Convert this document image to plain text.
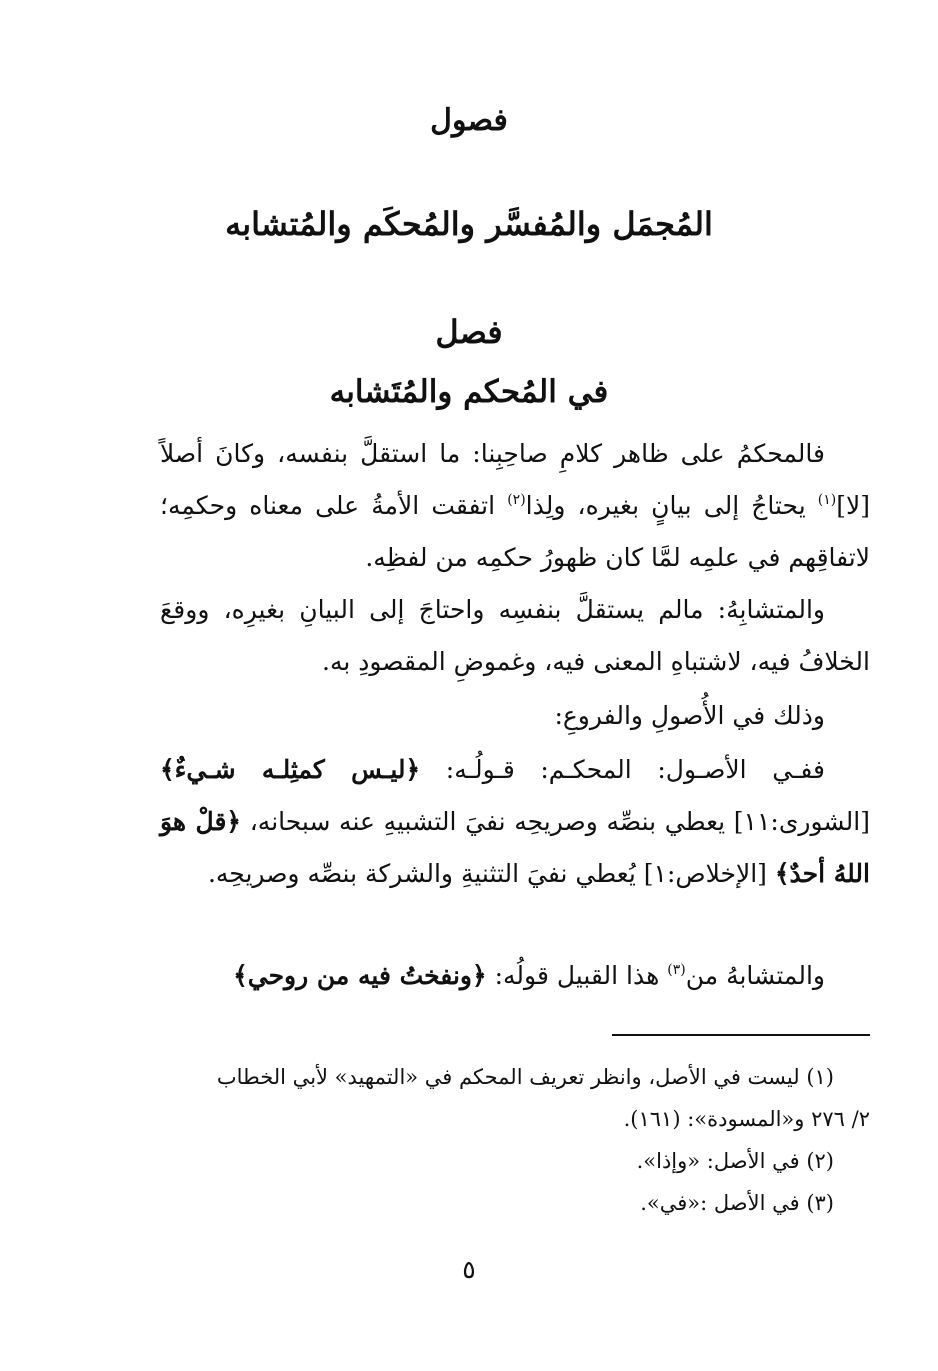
فصول
المُجمَل والمُفسَّر والمُحكَم والمُتشابه
فصل
في المُحكم والمُتَشابه

فالمحكمُ على ظاهر كلامِ صاحِبِنا: ما استقلَّ بنفسه، وكانَ أصلاً [لا]$^{(١)}$ يحتاجُ إلى بيانٍ بغيره، ولِذا$^{(٢)}$ اتفقت الأمةُ على معناه وحكمِه؛ لاتفاقِهم في علمِه لمَّا كان ظهورُ حكمِه من لفظِه.

والمتشابِهُ: مالم يستقلَّ بنفسِه واحتاجَ إلى البيانِ بغيرِه، ووقعَ الخلافُ فيه، لاشتباهِ المعنى فيه، وغموضِ المقصودِ به.

وذلك في الأُصولِ والفروعِ:

ففـي الأصـول: المحكـم: قـولُـه: ﴿ليـس كمثِلـه شـيءٌ﴾ [الشورى:١١] يعطي بنصِّه وصريحِه نفيَ التشبيهِ عنه سبحانه، ﴿قلْ هوَ اللهُ أحدٌ﴾ [الإخلاص:١] يُعطي نفيَ التثنيةِ والشركة بنصِّه وصريحِه.

والمتشابهُ من$^{(٣)}$ هذا القبيل قولُه: ﴿ونفختُ فيه من روحي﴾

(١) ليست في الأصل، وانظر تعريف المحكم في «التمهيد» لأبي الخطاب

٢/ ٢٧٦ و«المسودة»: (١٦١).

(٢) في الأصل: «وإذا».

(٣) في الأصل :«في».

٥
